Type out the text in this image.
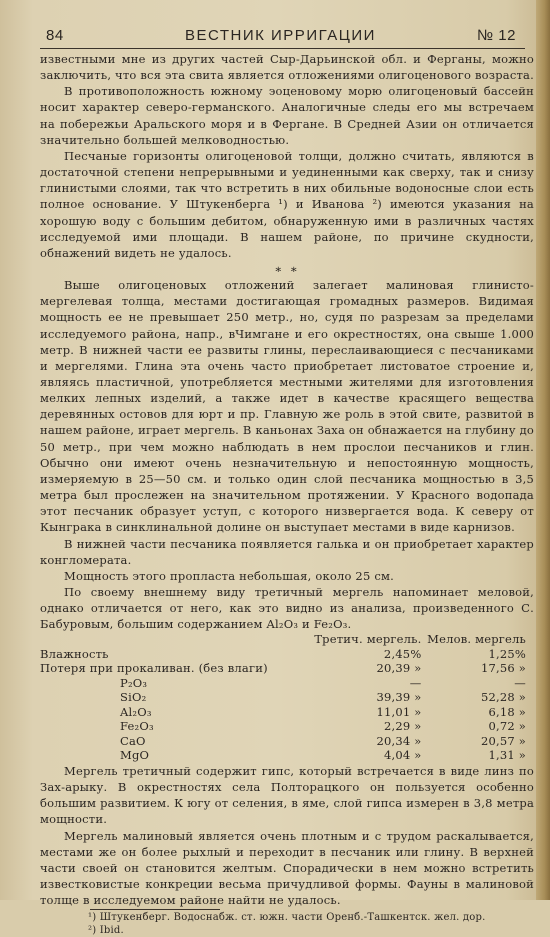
84	ВЕСТНИК ИРРИГАЦИИ	№ 12

известными мне из других частей Сыр-Дарьинской обл. и Ферганы, можно заключить, что вся эта свита является отложениями олигоценового возраста.

В противоположность южному эоценовому морю олигоценовый бассейн носит характер северо-германского. Аналогичные следы его мы встречаем на побережьи Аральского моря и в Фергане. В Средней Азии он отличается значительно большей мелководностью.

Песчаные горизонты олигоценовой толщи, должно считать, являются в достаточной степени непрерывными и уединенными как сверху, так и снизу глинистыми слоями, так что встретить в них обильные водоносные слои есть полное основание. У Штукенберга ¹) и Иванова ²) имеются указания на хорошую воду с большим дебитом, обнаруженную ими в различных частях исследуемой ими площади. В нашем районе, по причине скудности, обнажений видеть не удалось.

∗ ∗

Выше олигоценовых отложений залегает малиновая глинисто-мергелевая толща, местами достигающая громадных размеров. Видимая мощность ее не превышает 250 метр., но, судя по разрезам за пределами исследуемого района, напр., вЧимгане и его окрестностях, она свыше 1.000 метр. В нижней части ее развиты глины, переслаивающиеся с песчаниками и мергелями. Глина эта очень часто приобретает листоватое строение и, являясь пластичной, употребляется местными жителями для изготовления мелких лепных изделий, а также идет в качестве красящего вещества деревянных остовов для юрт и пр. Главную же роль в этой свите, развитой в нашем районе, играет мергель. В каньонах Заха он обнажается на глубину до 50 метр., при чем можно наблюдать в нем прослои песчаников и глин. Обычно они имеют очень незначительную и непостоянную мощность, измеряемую в 25—50 см. и только один слой песчаника мощностью в 3,5 метра был прослежен на значительном протяжении. У Красного водопада этот песчаник образует уступ, с которого низвергается вода. К северу от Кынграка в синклинальной долине он выступает местами в виде карнизов.

В нижней части песчаника появляется галька и он приобретает характер конгломерата.

Мощность этого пропласта небольшая, около 25 см.

По своему внешнему виду третичный мергель напоминает меловой, однако отличается от него, как это видно из анализа, произведенного С. Бабуровым, большим содержанием Al₂O₃ и Fe₂O₃.

	Третич. мергель.	Мелов. мергель
Влажность	2,45%	1,25%
Потеря при прокаливан. (без влаги)	20,39 »	17,56 »
P₂O₃	—	—
SiO₂	39,39 »	52,28 »
Al₂O₃	11,01 »	6,18 »
Fe₂O₃	2,29 »	0,72 »
CaO	20,34 »	20,57 »
MgO	4,04 »	1,31 »

Мергель третичный содержит гипс, который встречается в виде линз по Зах-арыку. В окрестностях села Полторацкого он пользуется особенно большим развитием. К югу от селения, в яме, слой гипса измерен в 3,8 метра мощности.

Мергель малиновый является очень плотным и с трудом раскалывается, местами же он более рыхлый и переходит в песчаник или глину. В верхней части своей он становится желтым. Спорадически в нем можно встретить известковистые конкреции весьма причудливой формы. Фауны в малиновой толще в исследуемом районе найти не удалось.

¹) Штукенберг. Водоснабж. ст. южн. части Оренб.-Ташкентск. жел. дор.
²) Ibid.
